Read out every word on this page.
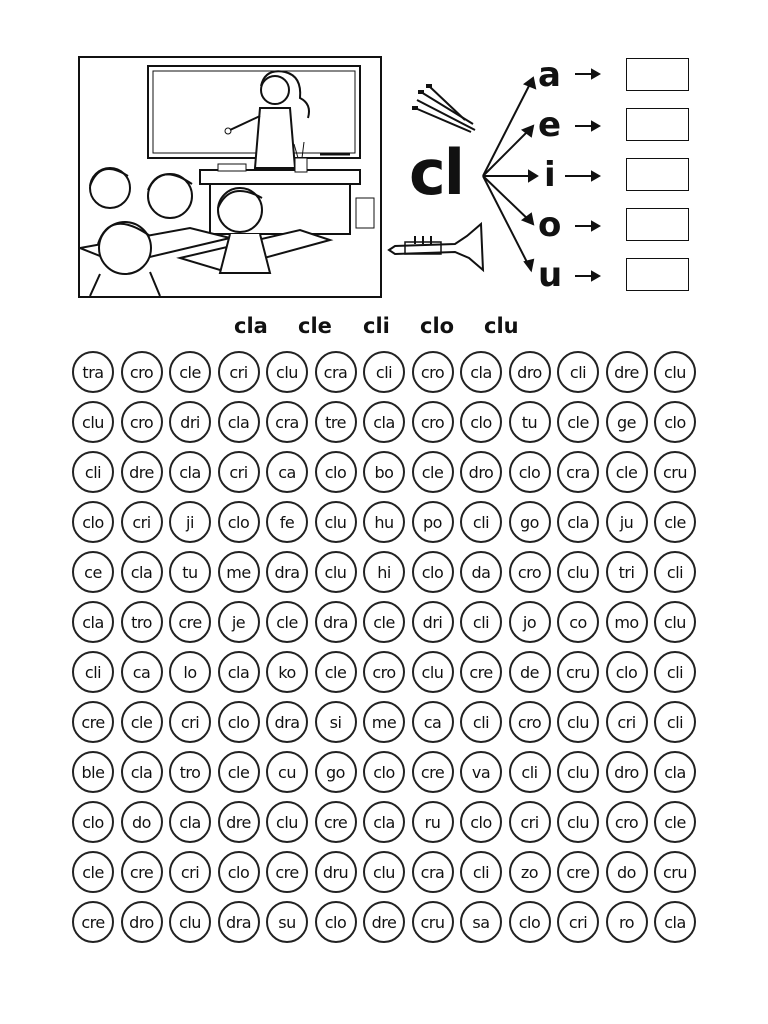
cl
a
e
i
o
u
cla cle cli clo clu
tra cro cle cri clu cra cli cro cla dro cli dre clu
clu cro dri cla cra tre cla cro clo tu cle ge clo
cli dre cla cri ca clo bo cle dro clo cra cle cru
clo cri ji clo fe clu hu po cli go cla ju cle
ce cla tu me dra clu hi clo da cro clu tri cli
cla tro cre je cle dra cle dri cli jo co mo clu
cli ca lo cla ko cle cro clu cre de cru clo cli
cre cle cri clo dra si me ca cli cro clu cri cli
ble cla tro cle cu go clo cre va cli clu dro cla
clo do cla dre clu cre cla ru clo cri clu cro cle
cle cre cri clo cre dru clu cra cli zo cre do cru
cre dro clu dra su clo dre cru sa clo cri ro cla
